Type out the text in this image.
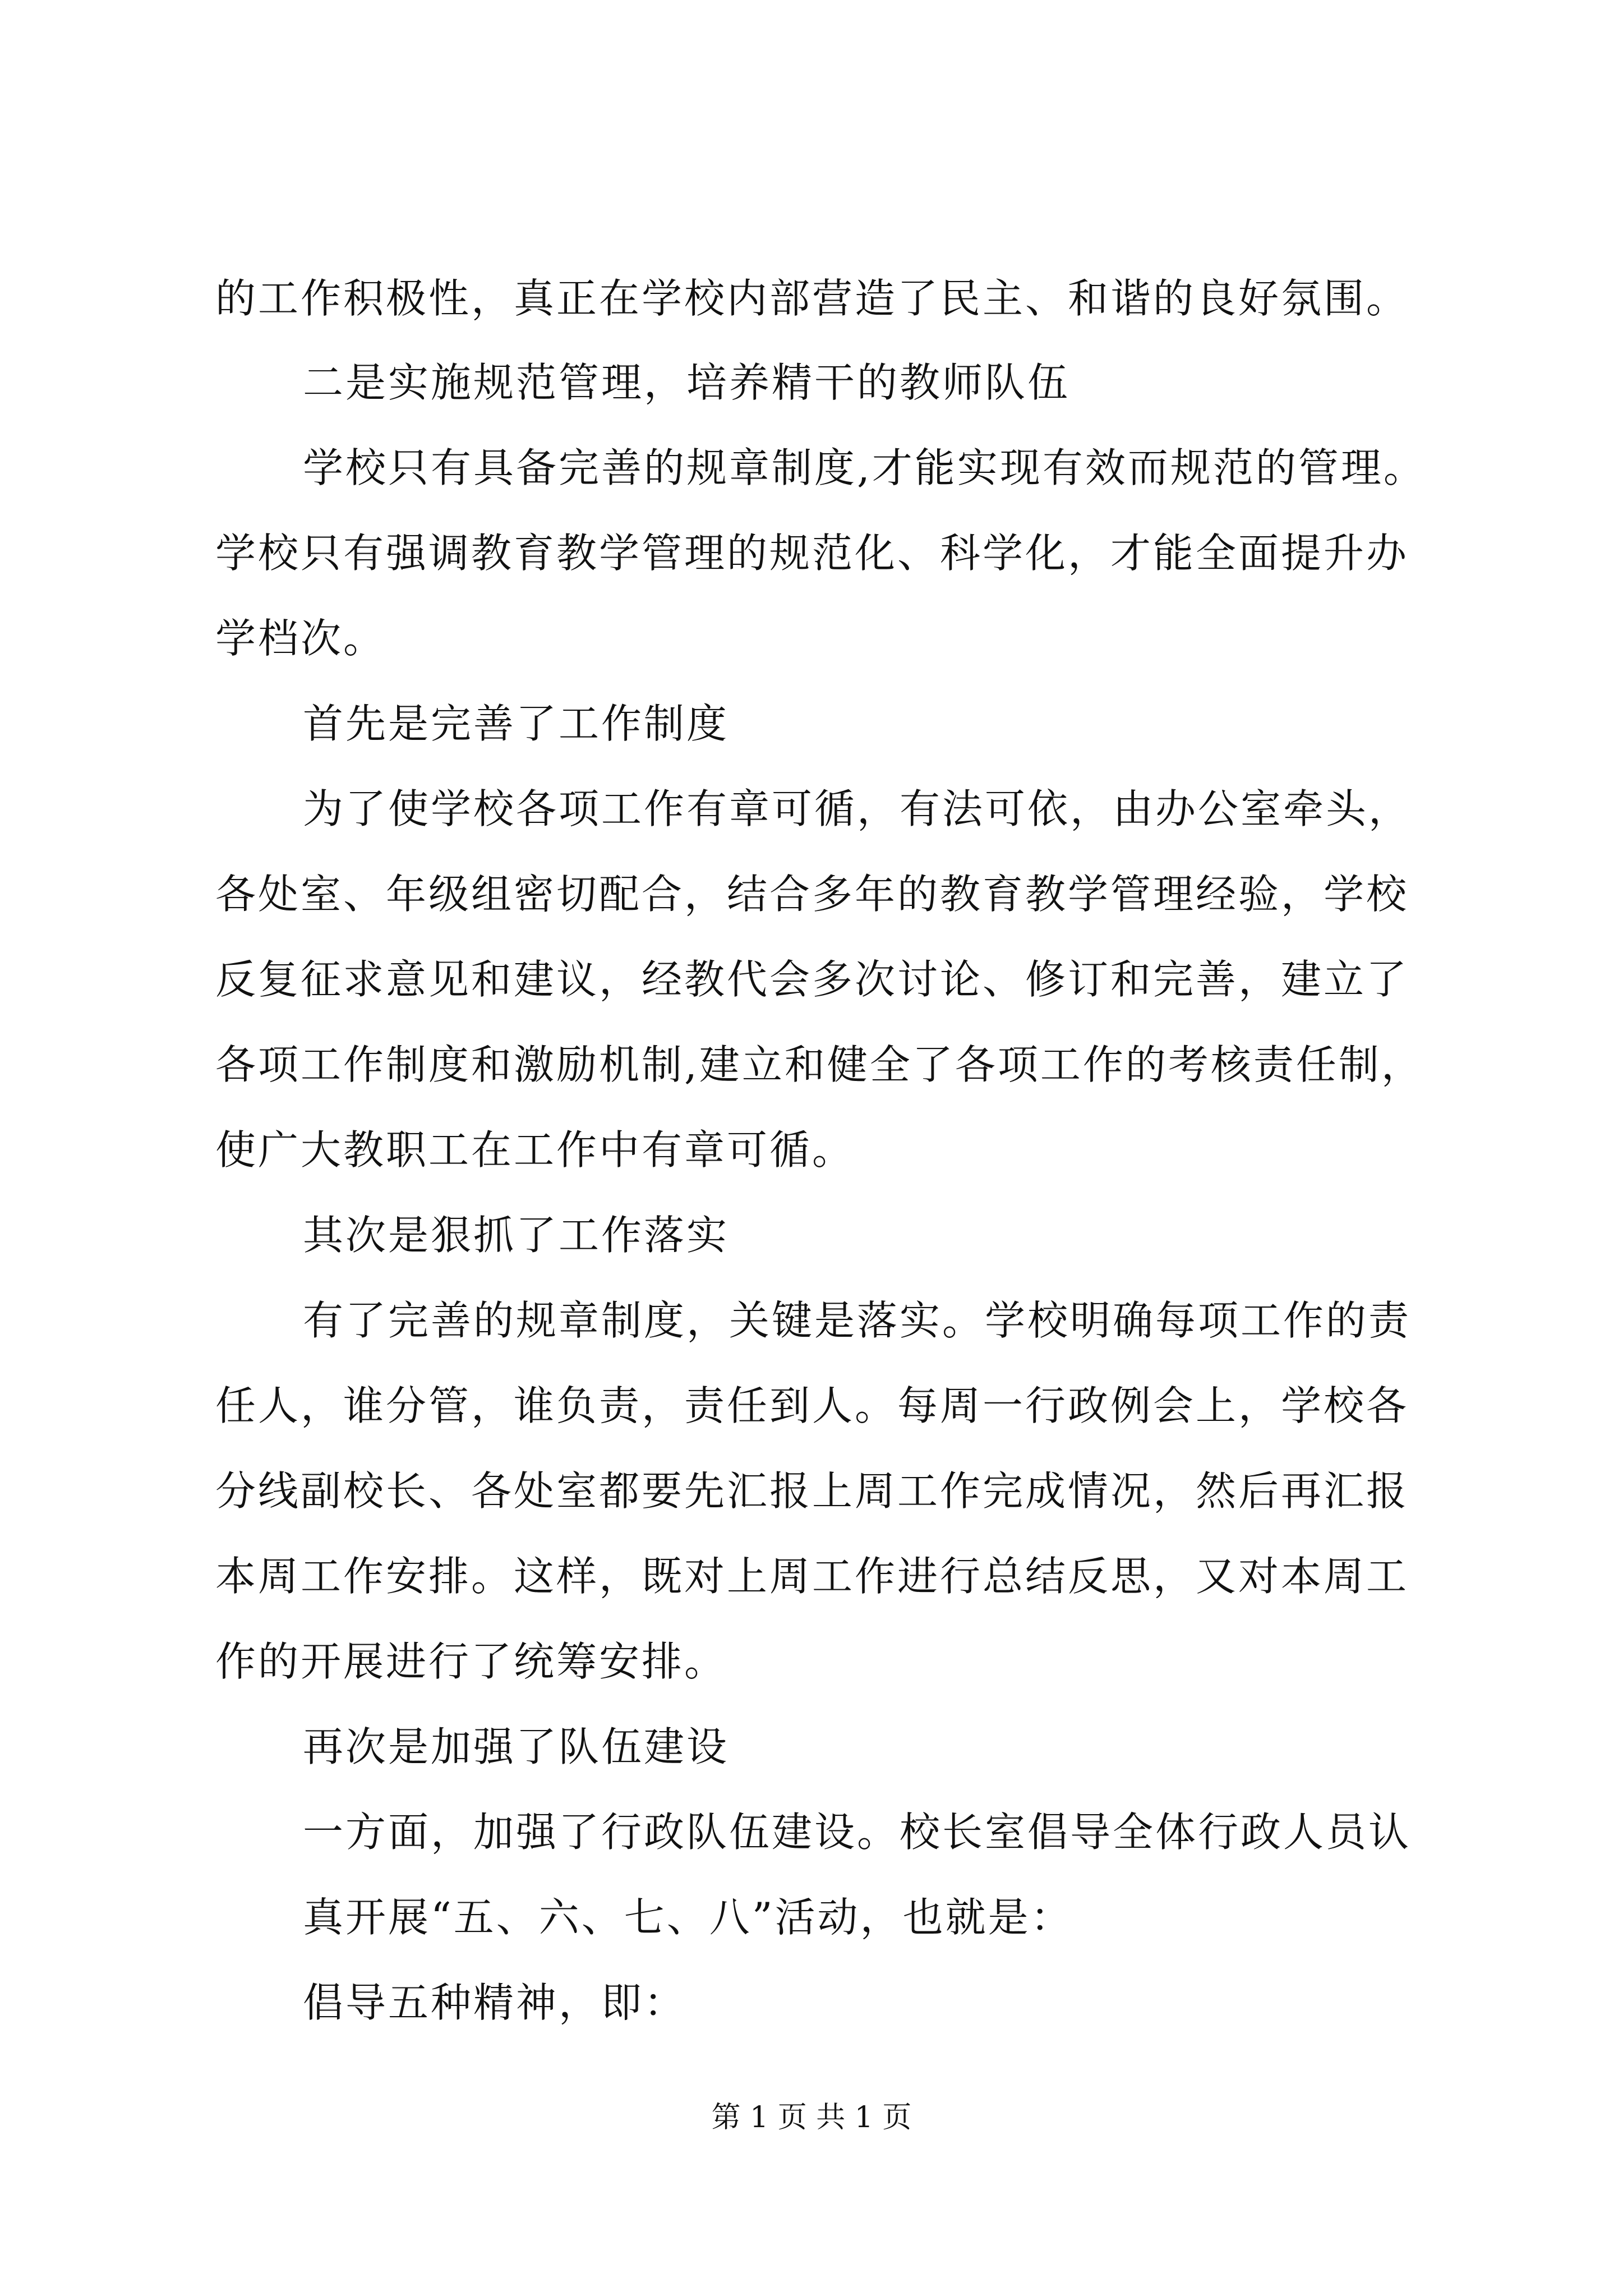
的工作积极性，真正在学校内部营造了民主、和谐的良好氛围。
二是实施规范管理，培养精干的教师队伍
学校只有具备完善的规章制度,才能实现有效而规范的管理。
学校只有强调教育教学管理的规范化、科学化，才能全面提升办
学档次。
首先是完善了工作制度
为了使学校各项工作有章可循，有法可依，由办公室牵头，
各处室、年级组密切配合，结合多年的教育教学管理经验，学校
反复征求意见和建议，经教代会多次讨论、修订和完善，建立了
各项工作制度和激励机制,建立和健全了各项工作的考核责任制，
使广大教职工在工作中有章可循。
其次是狠抓了工作落实
有了完善的规章制度，关键是落实。学校明确每项工作的责
任人，谁分管，谁负责，责任到人。每周一行政例会上，学校各
分线副校长、各处室都要先汇报上周工作完成情况，然后再汇报
本周工作安排。这样，既对上周工作进行总结反思，又对本周工
作的开展进行了统筹安排。
再次是加强了队伍建设
一方面，加强了行政队伍建设。校长室倡导全体行政人员认
真开展“五、六、七、八”活动，也就是：
倡导五种精神，即：
第 1 页 共 1 页
